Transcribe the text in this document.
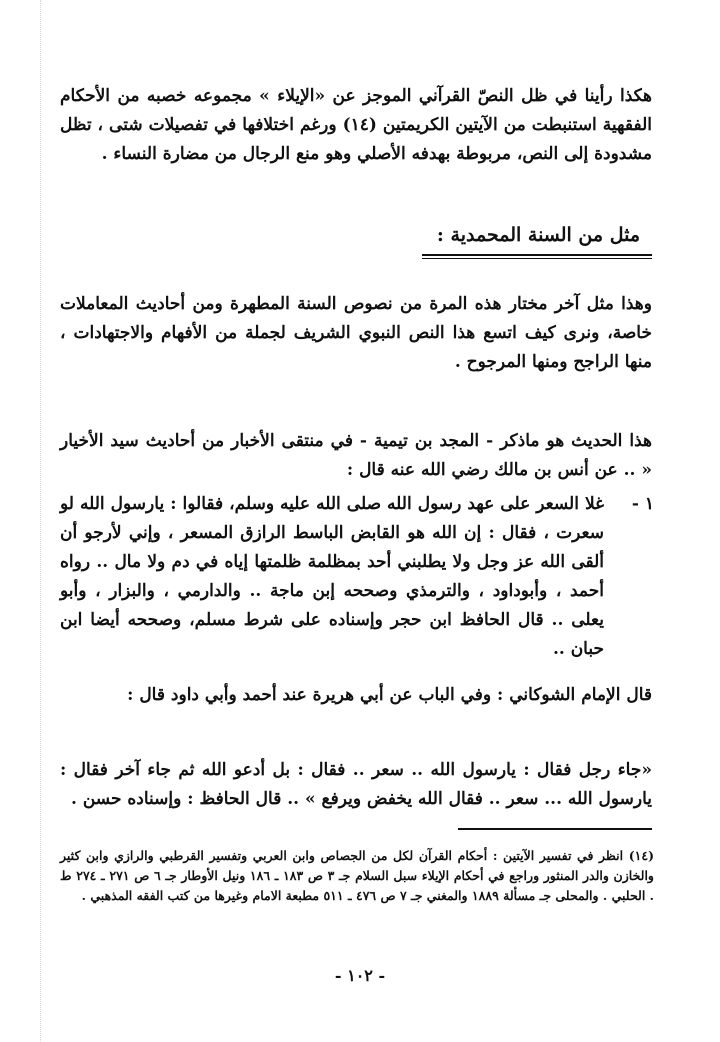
هكذا رأينا في ظل النصّ القرآني الموجز عن «الإيلاء » مجموعه خصبه من الأحكام الفقهية استنبطت من الآيتين الكريمتين (١٤) ورغم اختلافها في تفصيلات شتى ، تظل مشدودة إلى النص، مربوطة بهدفه الأصلي وهو منع الرجال من مضارة النساء .
مثل من السنة المحمدية :
وهذا مثل آخر مختار هذه المرة من نصوص السنة المطهرة ومن أحاديث المعاملات خاصة، ونرى كيف اتسع هذا النص النبوي الشريف لجملة من الأفهام والاجتهادات ، منها الراجح ومنها المرجوح .
هذا الحديث هو ماذكر - المجد بن تيمية - في منتقى الأخبار من أحاديث سيد الأخيار « .. عن أنس بن مالك رضي الله عنه قال :
١ -
غلا السعر على عهد رسول الله صلى الله عليه وسلم، فقالوا : يارسول الله لو سعرت ، فقال : إن الله هو القابض الباسط الرازق المسعر ، وإني لأرجو أن ألقى الله عز وجل ولا يطلبني أحد بمظلمة ظلمتها إياه في دم ولا مال .. رواه أحمد ، وأبوداود ، والترمذي وصححه إبن ماجة .. والدارمي ، والبزار ، وأبو يعلى .. قال الحافظ ابن حجر وإسناده على شرط مسلم، وصححه أيضا ابن حبان ..
قال الإمام الشوكاني : وفي الباب عن أبي هريرة عند أحمد وأبي داود قال :
«جاء رجل فقال : يارسول الله .. سعر .. فقال : بل أدعو الله ثم جاء آخر فقال : يارسول الله ... سعر .. فقال الله يخفض ويرفع » .. قال الحافظ : وإسناده حسن .
(١٤) انظر في تفسير الآيتين : أحكام القرآن لكل من الجصاص وابن العربي وتفسير القرطبي والرازي وابن كثير والخازن والدر المنثور وراجع في أحكام الإيلاء سبل السلام جـ ٣ ص ١٨٣ ـ ١٨٦ ونيل الأوطار جـ ٦ ص ٢٧١ ـ ٢٧٤ ط . الحلبي . والمحلى جـ مسألة ١٨٨٩ والمغني جـ ٧ ص ٤٧٦ ـ ٥١١ مطبعة الامام وغيرها من كتب الفقه المذهبي .
- ١٠٢ -
